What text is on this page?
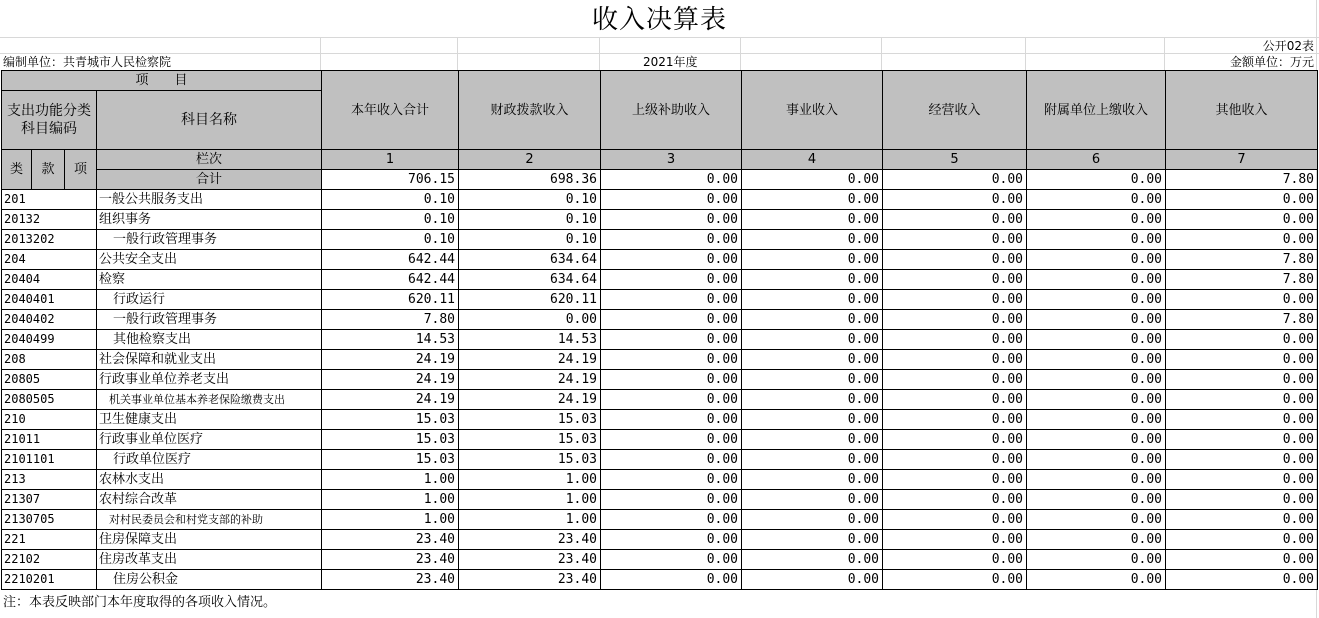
收入决算表
公开02表
编制单位：共青城市人民检察院	2021年度	金额单位：万元
项　　目				本年收入合计	财政拨款收入	上级补助收入	事业收入	经营收入	附属单位上缴收入	其他收入
支出功能分类科目编码			科目名称							
类	款	项	栏次	1	2	3	4	5	6	7
			合计	706.15	698.36	0.00	0.00	0.00	0.00	7.80
201			一般公共服务支出	0.10	0.10	0.00	0.00	0.00	0.00	0.00
20132			组织事务	0.10	0.10	0.00	0.00	0.00	0.00	0.00
2013202			一般行政管理事务	0.10	0.10	0.00	0.00	0.00	0.00	0.00
204			公共安全支出	642.44	634.64	0.00	0.00	0.00	0.00	7.80
20404			检察	642.44	634.64	0.00	0.00	0.00	0.00	7.80
2040401			行政运行	620.11	620.11	0.00	0.00	0.00	0.00	0.00
2040402			一般行政管理事务	7.80	0.00	0.00	0.00	0.00	0.00	7.80
2040499			其他检察支出	14.53	14.53	0.00	0.00	0.00	0.00	0.00
208			社会保障和就业支出	24.19	24.19	0.00	0.00	0.00	0.00	0.00
20805			行政事业单位养老支出	24.19	24.19	0.00	0.00	0.00	0.00	0.00
2080505			机关事业单位基本养老保险缴费支出	24.19	24.19	0.00	0.00	0.00	0.00	0.00
210			卫生健康支出	15.03	15.03	0.00	0.00	0.00	0.00	0.00
21011			行政事业单位医疗	15.03	15.03	0.00	0.00	0.00	0.00	0.00
2101101			行政单位医疗	15.03	15.03	0.00	0.00	0.00	0.00	0.00
213			农林水支出	1.00	1.00	0.00	0.00	0.00	0.00	0.00
21307			农村综合改革	1.00	1.00	0.00	0.00	0.00	0.00	0.00
2130705			对村民委员会和村党支部的补助	1.00	1.00	0.00	0.00	0.00	0.00	0.00
221			住房保障支出	23.40	23.40	0.00	0.00	0.00	0.00	0.00
22102			住房改革支出	23.40	23.40	0.00	0.00	0.00	0.00	0.00
2210201			住房公积金	23.40	23.40	0.00	0.00	0.00	0.00	0.00
注：本表反映部门本年度取得的各项收入情况。
